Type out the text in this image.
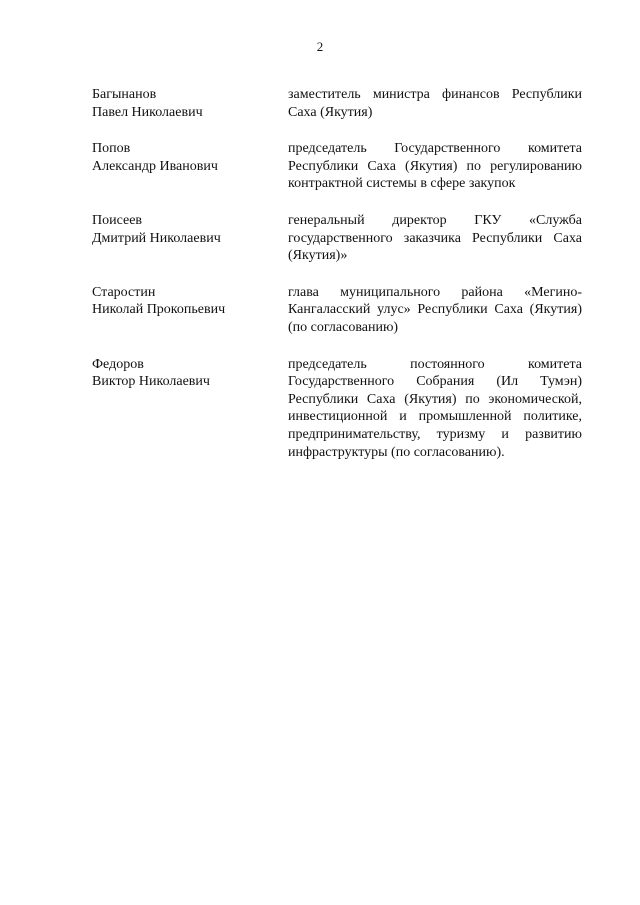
2
Багынанов
Павел Николаевич
заместитель министра финансов Республики Саха (Якутия)
Попов
Александр Иванович
председатель Государственного комитета Республики Саха (Якутия) по регулированию контрактной системы в сфере закупок
Поисеев
Дмитрий Николаевич
генеральный директор ГКУ «Служба государственного заказчика Республики Саха (Якутия)»
Старостин
Николай Прокопьевич
глава муниципального района «Мегино-Кангаласский улус» Республики Саха (Якутия) (по согласованию)
Федоров
Виктор Николаевич
председатель постоянного комитета Государственного Собрания (Ил Тумэн) Республики Саха (Якутия) по экономической, инвестиционной и промышленной политике, предпринимательству, туризму и развитию инфраструктуры (по согласованию).
